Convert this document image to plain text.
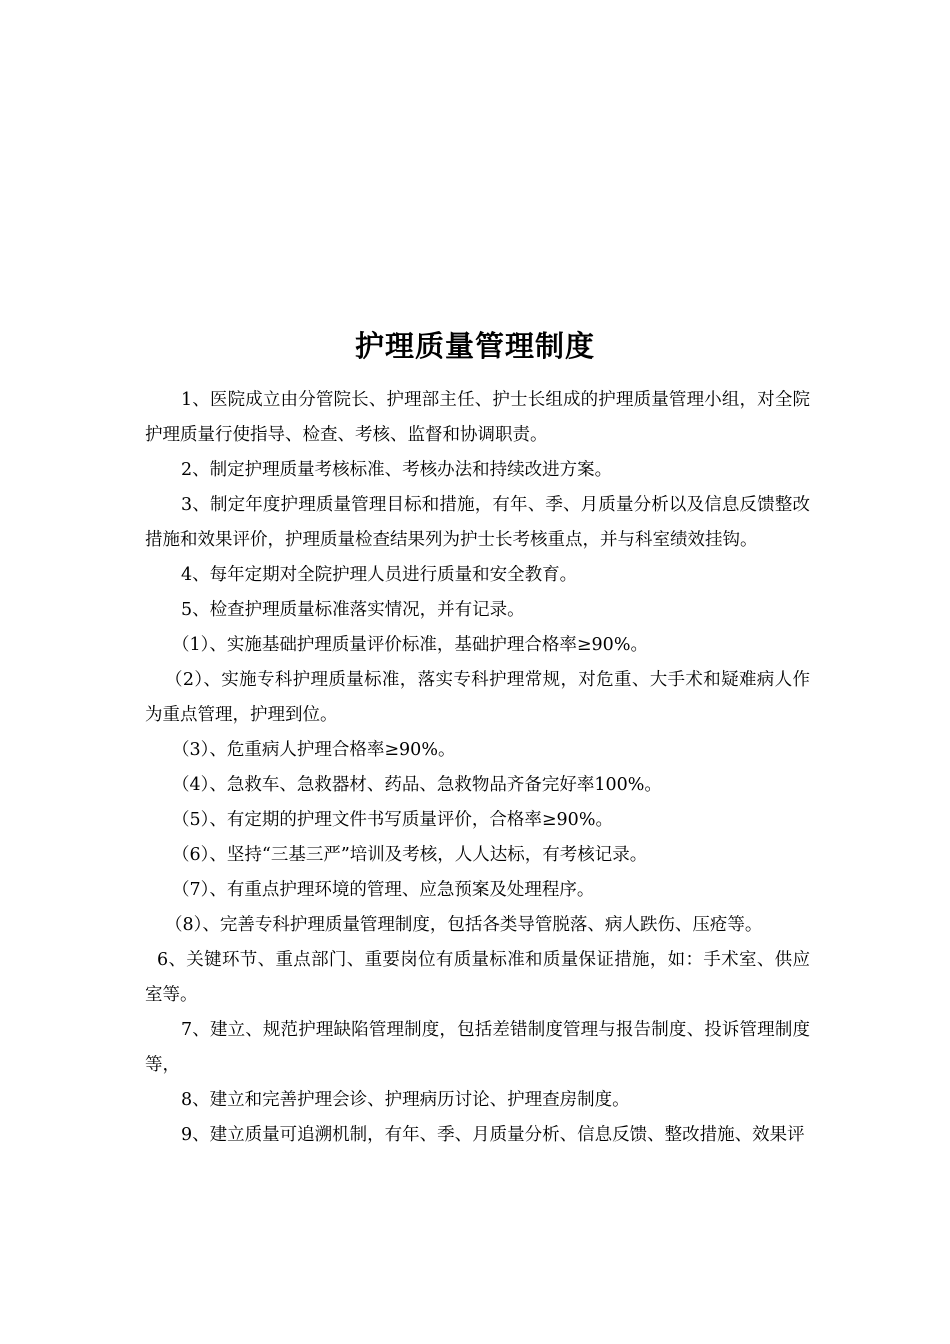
护理质量管理制度

1、医院成立由分管院长、护理部主任、护士长组成的护理质量管理小组，对全院护理质量行使指导、检查、考核、监督和协调职责。

2、制定护理质量考核标准、考核办法和持续改进方案。

3、制定年度护理质量管理目标和措施，有年、季、月质量分析以及信息反馈整改措施和效果评价，护理质量检查结果列为护士长考核重点，并与科室绩效挂钩。

4、每年定期对全院护理人员进行质量和安全教育。

5、检查护理质量标准落实情况，并有记录。

（1）、实施基础护理质量评价标准，基础护理合格率≥90%。

（2）、实施专科护理质量标准，落实专科护理常规，对危重、大手术和疑难病人作为重点管理，护理到位。

（3）、危重病人护理合格率≥90%。

（4）、急救车、急救器材、药品、急救物品齐备完好率100%。

（5）、有定期的护理文件书写质量评价，合格率≥90%。

（6）、坚持“三基三严”培训及考核，人人达标，有考核记录。

（7）、有重点护理环境的管理、应急预案及处理程序。

（8）、完善专科护理质量管理制度，包括各类导管脱落、病人跌伤、压疮等。

6、关键环节、重点部门、重要岗位有质量标准和质量保证措施，如：手术室、供应室等。

7、建立、规范护理缺陷管理制度，包括差错制度管理与报告制度、投诉管理制度等，

8、建立和完善护理会诊、护理病历讨论、护理查房制度。

9、建立质量可追溯机制，有年、季、月质量分析、信息反馈、整改措施、效果评
